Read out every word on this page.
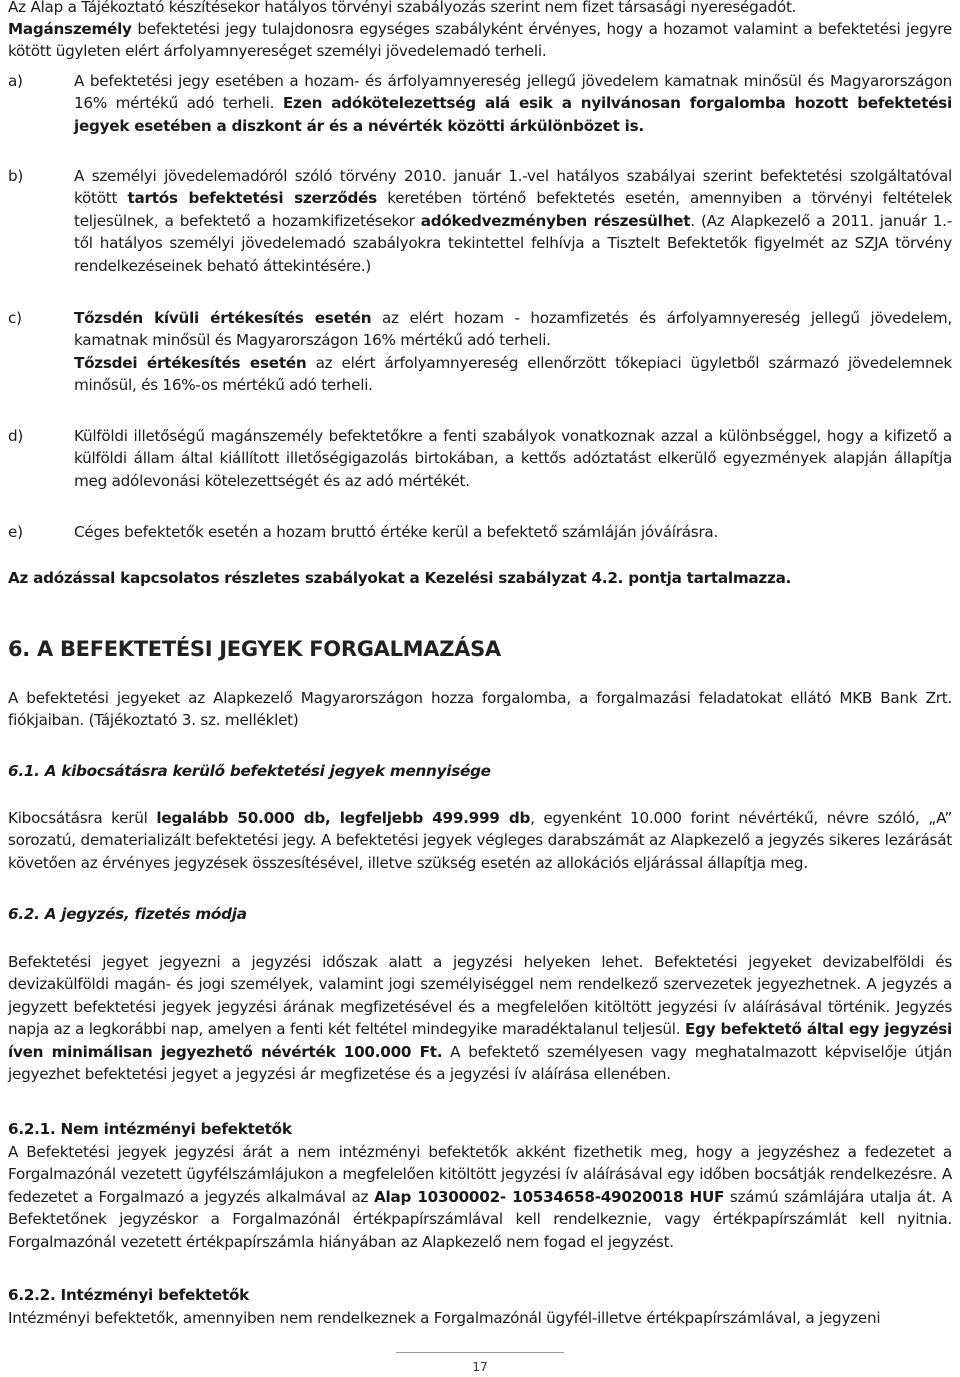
Az Alap a Tájékoztató készítésekor hatályos törvényi szabályozás szerint nem fizet társasági nyereségadót.

Magánszemély befektetési jegy tulajdonosra egységes szabályként érvényes, hogy a hozamot valamint a befektetési jegyre kötött ügyleten elért árfolyamnyereséget személyi jövedelemadó terheli.

a)	A befektetési jegy esetében a hozam- és árfolyamnyereség jellegű jövedelem kamatnak minősül és Magyarországon 16% mértékű adó terheli. Ezen adókötelezettség alá esik a nyilvánosan forgalomba hozott befektetési jegyek esetében a diszkont ár és a névérték közötti árkülönbözet is.

b)	A személyi jövedelemadóról szóló törvény 2010. január 1.-vel hatályos szabályai szerint befektetési szolgáltatóval kötött tartós befektetési szerződés keretében történő befektetés esetén, amennyiben a törvényi feltételek teljesülnek, a befektető a hozamkifizetésekor adókedvezményben részesülhet. (Az Alapkezelő a 2011. január 1.-től hatályos személyi jövedelemadó szabályokra tekintettel felhívja a Tisztelt Befektetők figyelmét az SZJA törvény rendelkezéseinek beható áttekintésére.)

c)	Tőzsdén kívüli értékesítés esetén az elért hozam - hozamfizetés és árfolyamnyereség jellegű jövedelem, kamatnak minősül és Magyarországon 16% mértékű adó terheli.

Tőzsdei értékesítés esetén az elért árfolyamnyereség ellenőrzött tőkepiaci ügyletből származó jövedelemnek minősül, és 16%-os mértékű adó terheli.

d)	Külföldi illetőségű magánszemély befektetőkre a fenti szabályok vonatkoznak azzal a különbséggel, hogy a kifizető a külföldi állam által kiállított illetőségigazolás birtokában, a kettős adóztatást elkerülő egyezmények alapján állapítja meg adólevonási kötelezettségét és az adó mértékét.

e)	Céges befektetők esetén a hozam bruttó értéke kerül a befektető számláján jóváírásra.

Az adózással kapcsolatos részletes szabályokat a Kezelési szabályzat 4.2. pontja tartalmazza.

6. A BEFEKTETÉSI JEGYEK FORGALMAZÁSA

A befektetési jegyeket az Alapkezelő Magyarországon hozza forgalomba, a forgalmazási feladatokat ellátó MKB Bank Zrt. fiókjaiban. (Tájékoztató 3. sz. melléklet)

6.1. A kibocsátásra kerülő befektetési jegyek mennyisége

Kibocsátásra kerül legalább 50.000 db, legfeljebb 499.999 db, egyenként 10.000 forint névértékű, névre szóló, „A” sorozatú, dematerializált befektetési jegy. A befektetési jegyek végleges darabszámát az Alapkezelő a jegyzés sikeres lezárását követően az érvényes jegyzések összesítésével, illetve szükség esetén az allokációs eljárással állapítja meg.

6.2. A jegyzés, fizetés módja

Befektetési jegyet jegyezni a jegyzési időszak alatt a jegyzési helyeken lehet. Befektetési jegyeket devizabelföldi és devizakülföldi magán- és jogi személyek, valamint jogi személyiséggel nem rendelkező szervezetek jegyezhetnek. A jegyzés a jegyzett befektetési jegyek jegyzési árának megfizetésével és a megfelelően kitöltött jegyzési ív aláírásával történik. Jegyzés napja az a legkorábbi nap, amelyen a fenti két feltétel mindegyike maradéktalanul teljesül. Egy befektető által egy jegyzési íven minimálisan jegyezhető névérték 100.000 Ft. A befektető személyesen vagy meghatalmazott képviselője útján jegyezhet befektetési jegyet a jegyzési ár megfizetése és a jegyzési ív aláírása ellenében.

6.2.1. Nem intézményi befektetők

A Befektetési jegyek jegyzési árát a nem intézményi befektetők akként fizethetik meg, hogy a jegyzéshez a fedezetet a Forgalmazónál vezetett ügyfélszámlájukon a megfelelően kitöltött jegyzési ív aláírásával egy időben bocsátják rendelkezésre. A fedezetet a Forgalmazó a jegyzés alkalmával az Alap 10300002- 10534658-49020018 HUF számú számlájára utalja át. A Befektetőnek jegyzéskor a Forgalmazónál értékpapírszámlával kell rendelkeznie, vagy értékpapírszámlát kell nyitnia. Forgalmazónál vezetett értékpapírszámla hiányában az Alapkezelő nem fogad el jegyzést.

6.2.2. Intézményi befektetők

Intézményi befektetők, amennyiben nem rendelkeznek a Forgalmazónál ügyfél-illetve értékpapírszámlával, a jegyzeni

17
